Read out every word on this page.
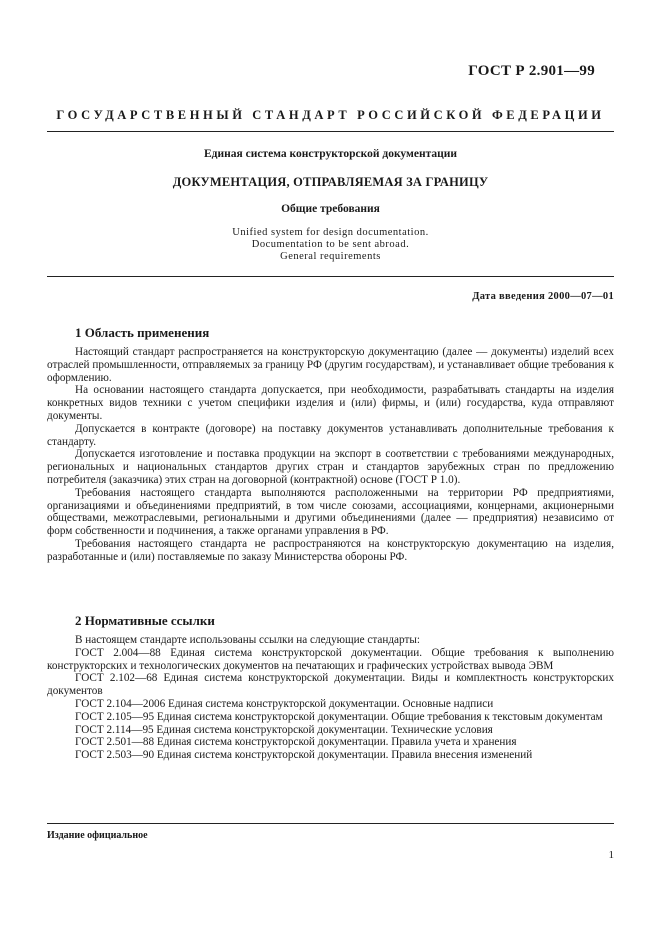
ГОСТ Р 2.901—99
ГОСУДАРСТВЕННЫЙ СТАНДАРТ РОССИЙСКОЙ ФЕДЕРАЦИИ
Единая система конструкторской документации
ДОКУМЕНТАЦИЯ, ОТПРАВЛЯЕМАЯ ЗА ГРАНИЦУ
Общие требования
Unified system for design documentation.
Documentation to be sent abroad.
General requirements
Дата введения 2000—07—01
1 Область применения

Настоящий стандарт распространяется на конструкторскую документацию (далее — документы) изделий всех отраслей промышленности, отправляемых за границу РФ (другим государствам), и устанавливает общие требования к оформлению.

На основании настоящего стандарта допускается, при необходимости, разрабатывать стандарты на изделия конкретных видов техники с учетом специфики изделия и (или) фирмы, и (или) государства, куда отправляют документы.

Допускается в контракте (договоре) на поставку документов устанавливать дополнительные требования к стандарту.

Допускается изготовление и поставка продукции на экспорт в соответствии с требованиями международных, региональных и национальных стандартов других стран и стандартов зарубежных стран по предложению потребителя (заказчика) этих стран на договорной (контрактной) основе (ГОСТ Р 1.0).

Требования настоящего стандарта выполняются расположенными на территории РФ предприятиями, организациями и объединениями предприятий, в том числе союзами, ассоциациями, концернами, акционерными обществами, межотраслевыми, региональными и другими объединениями (далее — предприятия) независимо от форм собственности и подчинения, а также органами управления в РФ.

Требования настоящего стандарта не распространяются на конструкторскую документацию на изделия, разработанные и (или) поставляемые по заказу Министерства обороны РФ.

2 Нормативные ссылки

В настоящем стандарте использованы ссылки на следующие стандарты:

ГОСТ 2.004—88 Единая система конструкторской документации. Общие требования к выполнению конструкторских и технологических документов на печатающих и графических устройствах вывода ЭВМ

ГОСТ 2.102—68 Единая система конструкторской документации. Виды и комплектность конструкторских документов

ГОСТ 2.104—2006 Единая система конструкторской документации. Основные надписи

ГОСТ 2.105—95 Единая система конструкторской документации. Общие требования к текстовым документам

ГОСТ 2.114—95 Единая система конструкторской документации. Технические условия

ГОСТ 2.501—88 Единая система конструкторской документации. Правила учета и хранения

ГОСТ 2.503—90 Единая система конструкторской документации. Правила внесения изменений

Издание официальное
1
